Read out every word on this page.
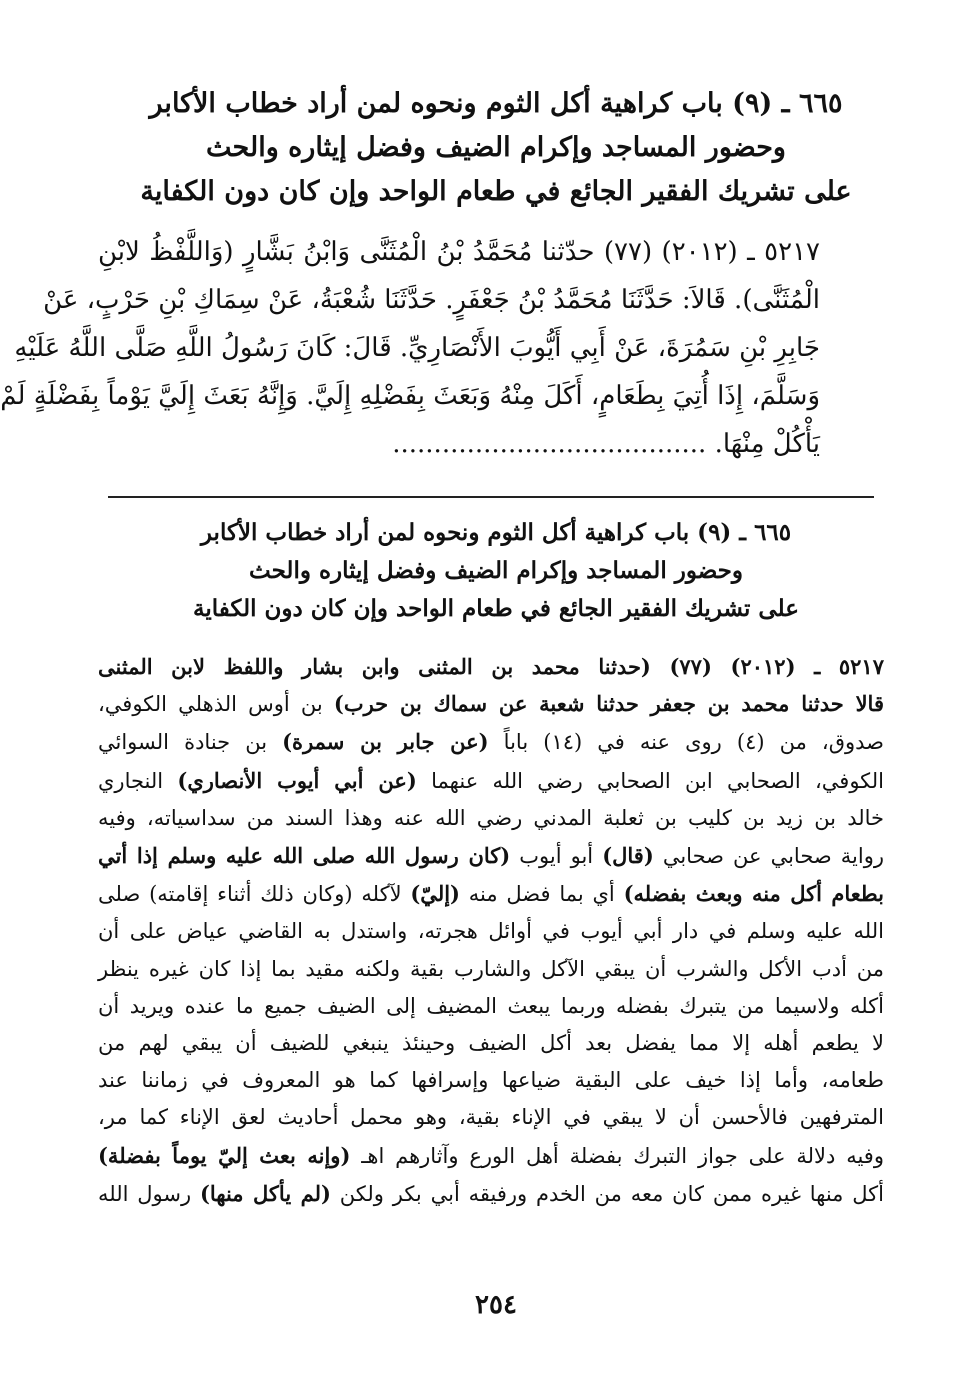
٦٦٥ ـ (٩) باب كراهية أكل الثوم ونحوه لمن أراد خطاب الأكابر
وحضور المساجد وإكرام الضيف وفضل إيثاره والحث
على تشريك الفقير الجائع في طعام الواحد وإن كان دون الكفاية
٥٢١٧ ـ (٢٠١٢) (٧٧) حدّثنا مُحَمَّدُ بْنُ الْمُثَنَّى وَابْنُ بَشَّارٍ (وَاللَّفْظُ لابْنِ
الْمُثَنَّى). قَالاَ: حَدَّثَنَا مُحَمَّدُ بْنُ جَعْفَرٍ. حَدَّثَنَا شُعْبَةُ، عَنْ سِمَاكِ بْنِ حَرْبٍ، عَنْ
جَابِرِ بْنِ سَمُرَةَ، عَنْ أَبِي أَيُّوبَ الأَنْصَارِيِّ. قَالَ: كَانَ رَسُولُ اللَّهِ صَلَّى اللَّهُ عَلَيْهِ
وَسَلَّمَ، إِذَا أُتِيَ بِطَعَامٍ، أَكَلَ مِنْهُ وَبَعَثَ بِفَضْلِهِ إِلَيَّ. وَإِنَّهُ بَعَثَ إِلَيَّ يَوْماً بِفَضْلَةٍ لَمْ
يَأْكُلْ مِنْهَا. ......................................
٦٦٥ ـ (٩) باب كراهية أكل الثوم ونحوه لمن أراد خطاب الأكابر
وحضور المساجد وإكرام الضيف وفضل إيثاره والحث
على تشريك الفقير الجائع في طعام الواحد وإن كان دون الكفاية
٥٢١٧ ـ (٢٠١٢) (٧٧) (حدثنا محمد بن المثنى وابن بشار واللفظ لابن المثنى
قالا حدثنا محمد بن جعفر حدثنا شعبة عن سماك بن حرب) بن أوس الذهلي الكوفي،
صدوق، من (٤) روى عنه في (١٤) باباً (عن جابر بن سمرة) بن جنادة السوائي
الكوفي، الصحابي ابن الصحابي رضي الله عنهما (عن أبي أيوب الأنصاري) النجاري
خالد بن زيد بن كليب بن ثعلبة المدني رضي الله عنه وهذا السند من سداسياته، وفيه
رواية صحابي عن صحابي (قال) أبو أيوب (كان رسول الله صلى الله عليه وسلم إذا أتي
بطعام أكل منه وبعث بفضله) أي بما فضل منه (إليّ) لآكله (وكان ذلك أثناء إقامته) صلى
الله عليه وسلم في دار أبي أيوب في أوائل هجرته، واستدل به القاضي عياض على أن
من أدب الأكل والشرب أن يبقي الآكل والشارب بقية ولكنه مقيد بما إذا كان غيره ينظر
أكله ولاسيما من يتبرك بفضله وربما يبعث المضيف إلى الضيف جميع ما عنده ويريد أن
لا يطعم أهله إلا مما يفضل بعد أكل الضيف وحينئذ ينبغي للضيف أن يبقي لهم من
طعامه، وأما إذا خيف على البقية ضياعها وإسرافها كما هو المعروف في زماننا عند
المترفهين فالأحسن أن لا يبقي في الإناء بقية، وهو محمل أحاديث لعق الإناء كما مر،
وفيه دلالة على جواز التبرك بفضلة أهل الورع وآثارهم اهـ (وإنه بعث إليّ يوماً بفضلة)
أكل منها غيره ممن كان معه من الخدم ورفيقه أبي بكر ولكن (لم يأكل منها) رسول الله
٢٥٤
